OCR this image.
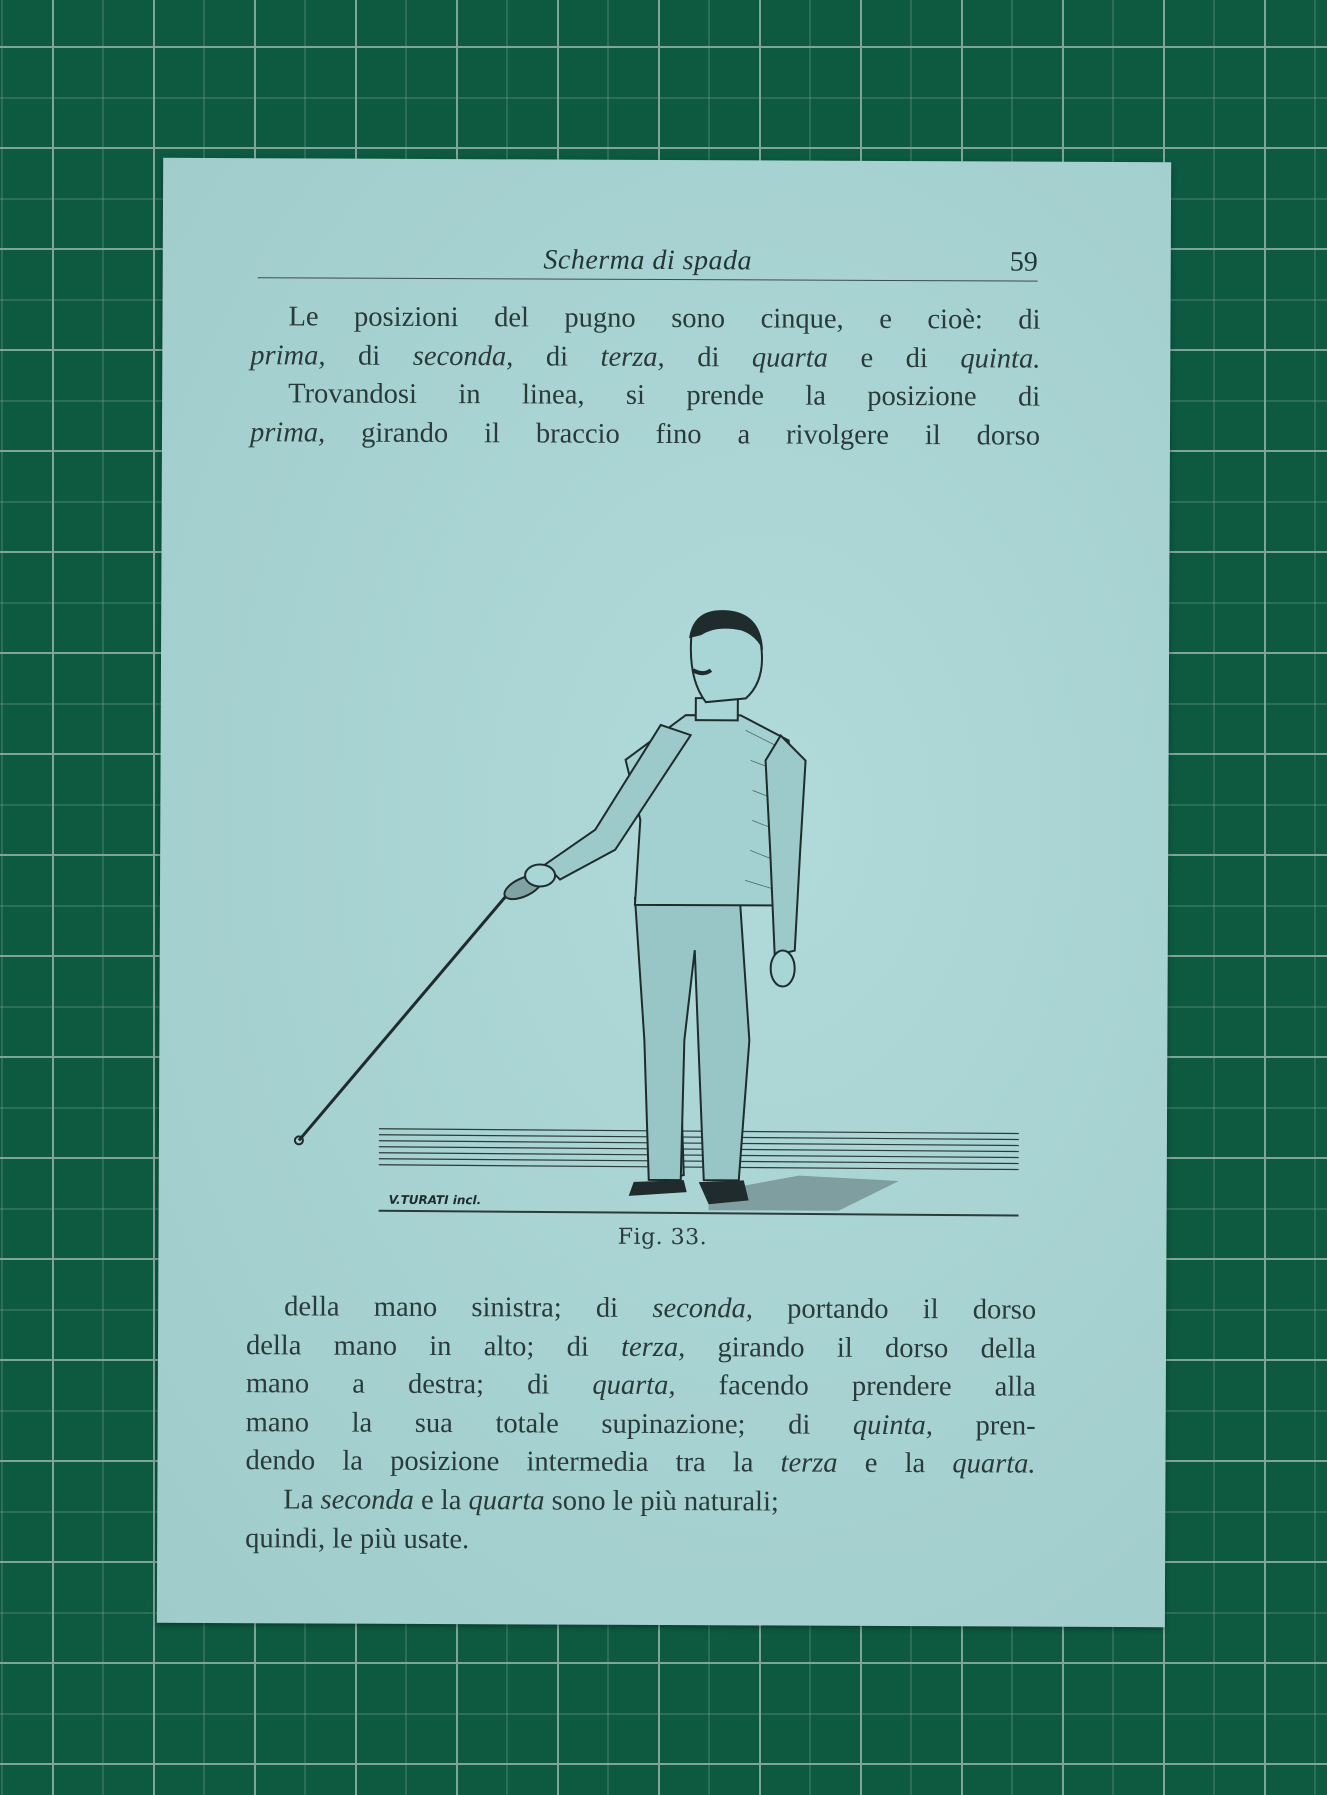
Scherma di spada	59

Le posizioni del pugno sono cinque, e cioè: di
prima, di seconda, di terza, di quarta e di quinta.

Trovandosi in linea, si prende la posizione di
prima, girando il braccio fino a rivolgere il dorso

V.TURATI incl.
Fig. 33.

della mano sinistra; di seconda, portando il dorso
della mano in alto; di terza, girando il dorso della
mano a destra; di quarta, facendo prendere alla
mano la sua totale supinazione; di quinta, pren-
dendo la posizione intermedia tra la terza e la quarta.

La seconda e la quarta sono le più naturali;
quindi, le più usate.
